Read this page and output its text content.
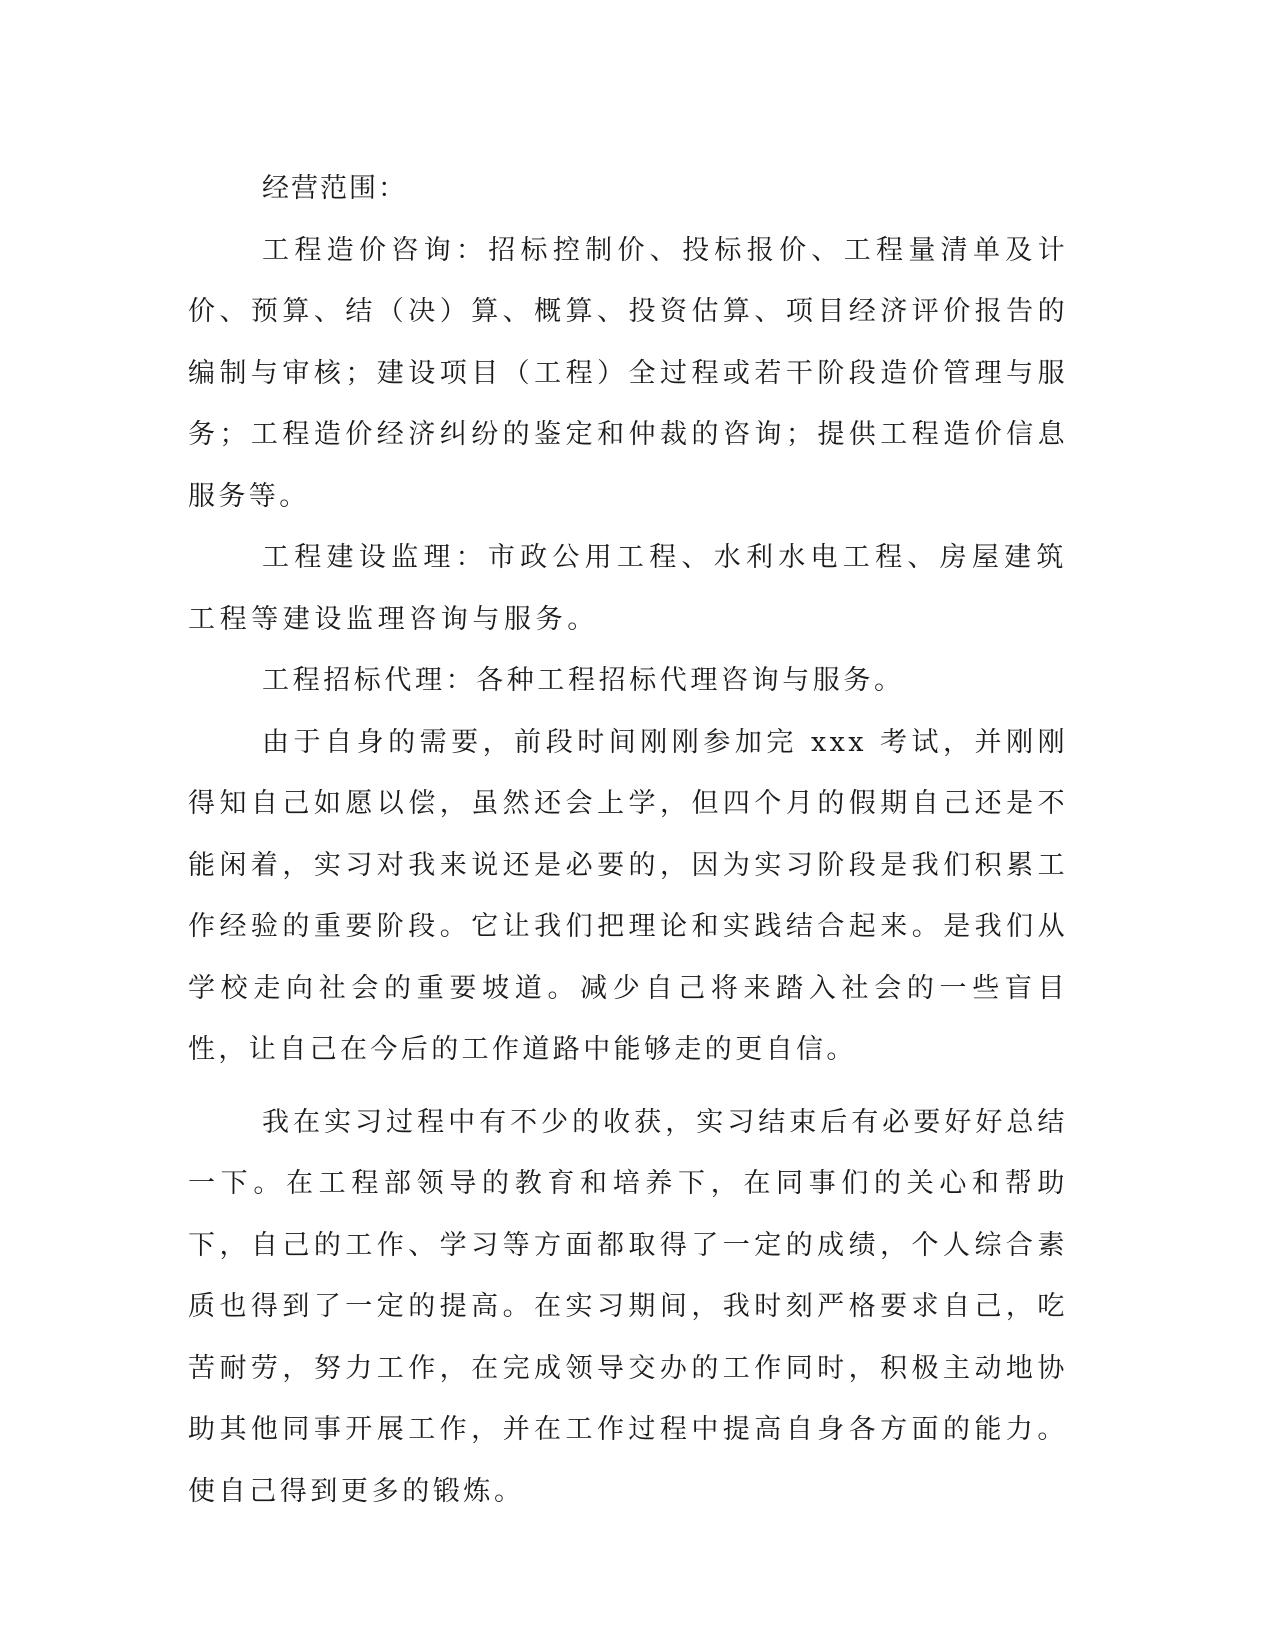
经营范围：

工程造价咨询：招标控制价、投标报价、工程量清单及计价、预算、结（决）算、概算、投资估算、项目经济评价报告的编制与审核；建设项目（工程）全过程或若干阶段造价管理与服务；工程造价经济纠纷的鉴定和仲裁的咨询；提供工程造价信息服务等。

工程建设监理：市政公用工程、水利水电工程、房屋建筑工程等建设监理咨询与服务。

工程招标代理：各种工程招标代理咨询与服务。

由于自身的需要，前段时间刚刚参加完 xxx 考试，并刚刚得知自己如愿以偿，虽然还会上学，但四个月的假期自己还是不能闲着，实习对我来说还是必要的，因为实习阶段是我们积累工作经验的重要阶段。它让我们把理论和实践结合起来。是我们从学校走向社会的重要坡道。减少自己将来踏入社会的一些盲目性，让自己在今后的工作道路中能够走的更自信。

我在实习过程中有不少的收获，实习结束后有必要好好总结一下。在工程部领导的教育和培养下，在同事们的关心和帮助下，自己的工作、学习等方面都取得了一定的成绩，个人综合素质也得到了一定的提高。在实习期间，我时刻严格要求自己，吃苦耐劳，努力工作，在完成领导交办的工作同时，积极主动地协助其他同事开展工作，并在工作过程中提高自身各方面的能力。使自己得到更多的锻炼。
